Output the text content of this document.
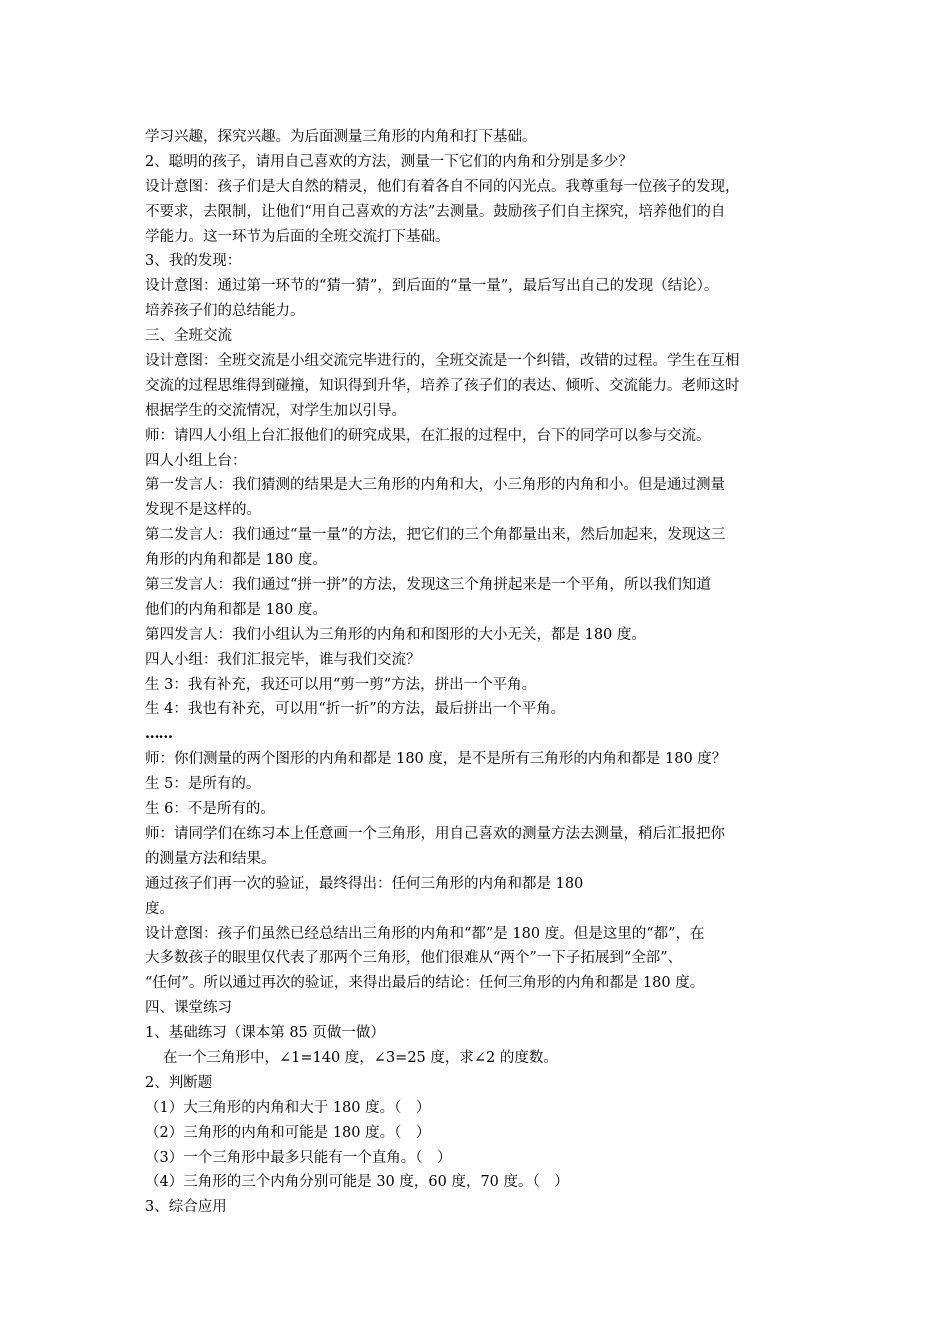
学习兴趣，探究兴趣。为后面测量三角形的内角和打下基础。
2、聪明的孩子，请用自己喜欢的方法，测量一下它们的内角和分别是多少？
设计意图：孩子们是大自然的精灵，他们有着各自不同的闪光点。我尊重每一位孩子的发现，
不要求，去限制，让他们“用自己喜欢的方法”去测量。鼓励孩子们自主探究，培养他们的自
学能力。这一环节为后面的全班交流打下基础。
3、我的发现：
设计意图：通过第一环节的“猜一猜”，到后面的“量一量”，最后写出自己的发现（结论）。
培养孩子们的总结能力。
三、全班交流
设计意图：全班交流是小组交流完毕进行的，全班交流是一个纠错，改错的过程。学生在互相
交流的过程思维得到碰撞，知识得到升华，培养了孩子们的表达、倾听、交流能力。老师这时
根据学生的交流情况，对学生加以引导。
师：请四人小组上台汇报他们的研究成果，在汇报的过程中，台下的同学可以参与交流。
四人小组上台：
第一发言人：我们猜测的结果是大三角形的内角和大，小三角形的内角和小。但是通过测量
发现不是这样的。
第二发言人：我们通过“量一量”的方法，把它们的三个角都量出来，然后加起来，发现这三
角形的内角和都是 180 度。
第三发言人：我们通过“拼一拼”的方法，发现这三个角拼起来是一个平角，所以我们知道
他们的内角和都是 180 度。
第四发言人：我们小组认为三角形的内角和和图形的大小无关，都是 180 度。
四人小组：我们汇报完毕，谁与我们交流？
生 3：我有补充，我还可以用“剪一剪”方法，拼出一个平角。
生 4：我也有补充，可以用“折一折”的方法，最后拼出一个平角。
……
师：你们测量的两个图形的内角和都是 180 度，是不是所有三角形的内角和都是 180 度？
生 5：是所有的。
生 6：不是所有的。
师：请同学们在练习本上任意画一个三角形，用自己喜欢的测量方法去测量，稍后汇报把你
的测量方法和结果。
通过孩子们再一次的验证，最终得出：任何三角形的内角和都是 180
度。
设计意图：孩子们虽然已经总结出三角形的内角和“都”是 180 度。但是这里的“都”，在
大多数孩子的眼里仅代表了那两个三角形，他们很难从“两个”一下子拓展到“全部”、
“任何”。所以通过再次的验证，来得出最后的结论：任何三角形的内角和都是 180 度。
四、课堂练习
1、基础练习（课本第 85 页做一做）
在一个三角形中，∠1=140 度，∠3=25 度，求∠2 的度数。
2、判断题
（1）大三角形的内角和大于 180 度。（　）
（2）三角形的内角和可能是 180 度。（　）
（3）一个三角形中最多只能有一个直角。（　）
（4）三角形的三个内角分别可能是 30 度，60 度，70 度。（　）
3、综合应用
